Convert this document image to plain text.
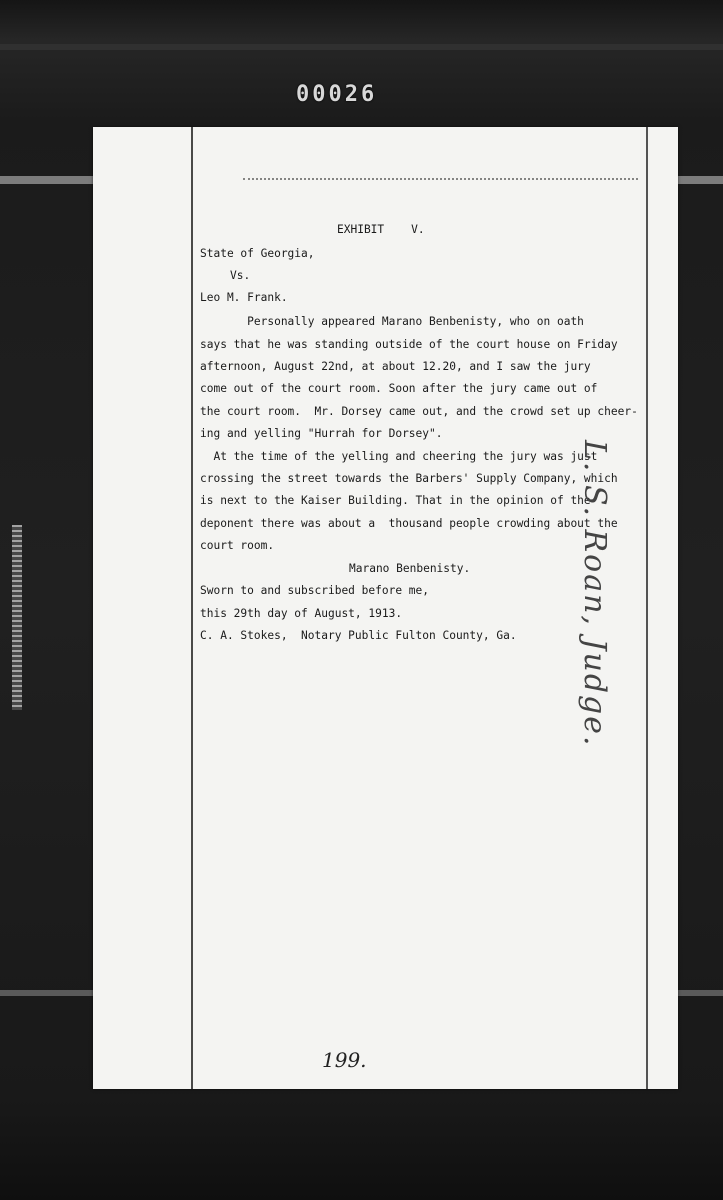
00026
EXHIBIT    V.
State of Georgia,
Vs.
Leo M. Frank.
Personally appeared Marano Benbenisty, who on oath
says that he was standing outside of the court house on Friday
afternoon, August 22nd, at about 12.20, and I saw the jury
come out of the court room. Soon after the jury came out of
the court room.  Mr. Dorsey came out, and the crowd set up cheer-
ing and yelling "Hurrah for Dorsey".
At the time of the yelling and cheering the jury was just
crossing the street towards the Barbers' Supply Company, which
is next to the Kaiser Building. That in the opinion of the
deponent there was about a  thousand people crowding about the
court room.
Marano Benbenisty.
Sworn to and subscribed before me,
this 29th day of August, 1913.
C. A. Stokes,  Notary Public Fulton County, Ga. L. S. Roan, Judge.
199.
